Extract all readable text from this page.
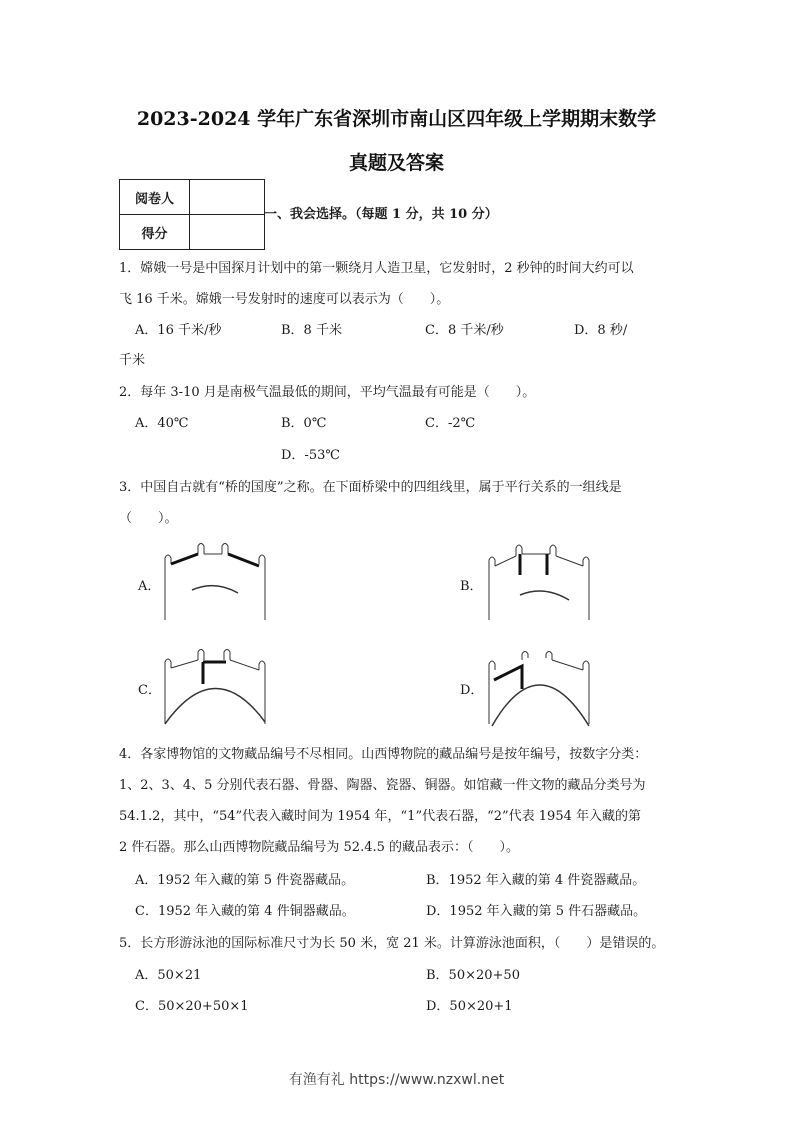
2023-2024 学年广东省深圳市南山区四年级上学期期末数学
真题及答案
阅卷人	
得分	
一、我会选择。（每题 1 分，共 10 分）
1．嫦娥一号是中国探月计划中的第一颗绕月人造卫星，它发射时，2 秒钟的时间大约可以
飞 16 千米。嫦娥一号发射时的速度可以表示为（　　）。
A．16 千米/秒	B．8 千米	C．8 千米/秒	D．8 秒/
千米
2．每年 3-10 月是南极气温最低的期间，平均气温最有可能是（　　）。
A．40℃	B．0℃	C．-2℃
D．-53℃
3．中国自古就有“桥的国度”之称。在下面桥梁中的四组线里，属于平行关系的一组线是
（　　）。
A．	B．
C．	D．
4．各家博物馆的文物藏品编号不尽相同。山西博物院的藏品编号是按年编号，按数字分类：
1、2、3、4、5 分别代表石器、骨器、陶器、瓷器、铜器。如馆藏一件文物的藏品分类号为
54.1.2，其中，“54”代表入藏时间为 1954 年，“1”代表石器，“2”代表 1954 年入藏的第
2 件石器。那么山西博物院藏品编号为 52.4.5 的藏品表示：（　　）。
A．1952 年入藏的第 5 件瓷器藏品。	B．1952 年入藏的第 4 件瓷器藏品。
C．1952 年入藏的第 4 件铜器藏品。	D．1952 年入藏的第 5 件石器藏品。
5．长方形游泳池的国际标准尺寸为长 50 米，宽 21 米。计算游泳池面积，（　　）是错误的。
A．50×21	B．50×20+50
C．50×20+50×1	D．50×20+1
有渔有礼 https://www.nzxwl.net
